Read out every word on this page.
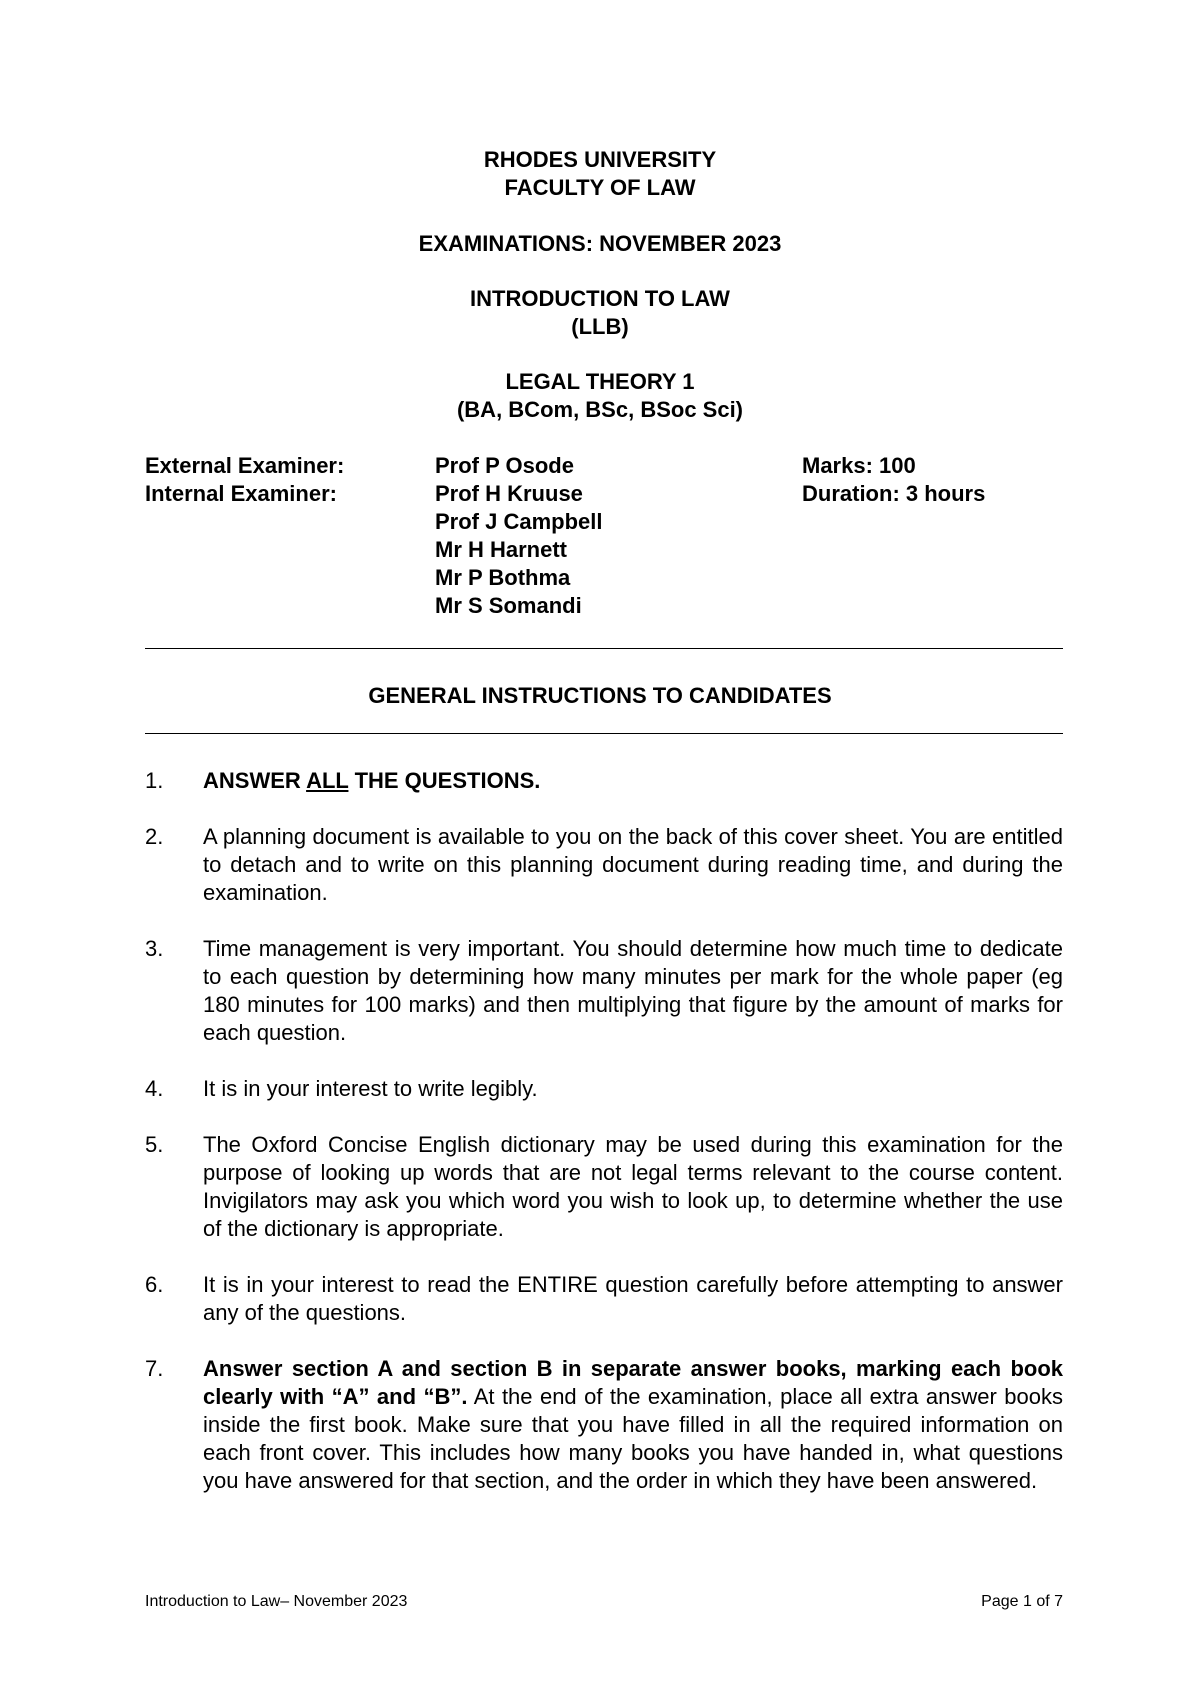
RHODES UNIVERSITY
FACULTY OF LAW
EXAMINATIONS: NOVEMBER 2023
INTRODUCTION TO LAW
(LLB)
LEGAL THEORY 1
(BA, BCom, BSc, BSoc Sci)
External Examiner:	Prof P Osode	Marks: 100
Internal Examiner:	Prof H Kruuse	Duration: 3 hours
Prof J Campbell
Mr H Harnett
Mr P Bothma
Mr S Somandi
GENERAL INSTRUCTIONS TO CANDIDATES
1. ANSWER ALL THE QUESTIONS.
2. A planning document is available to you on the back of this cover sheet. You are entitled to detach and to write on this planning document during reading time, and during the examination.
3. Time management is very important. You should determine how much time to dedicate to each question by determining how many minutes per mark for the whole paper (eg 180 minutes for 100 marks) and then multiplying that figure by the amount of marks for each question.
4. It is in your interest to write legibly.
5. The Oxford Concise English dictionary may be used during this examination for the purpose of looking up words that are not legal terms relevant to the course content. Invigilators may ask you which word you wish to look up, to determine whether the use of the dictionary is appropriate.
6. It is in your interest to read the ENTIRE question carefully before attempting to answer any of the questions.
7. Answer section A and section B in separate answer books, marking each book clearly with “A” and “B”. At the end of the examination, place all extra answer books inside the first book. Make sure that you have filled in all the required information on each front cover. This includes how many books you have handed in, what questions you have answered for that section, and the order in which they have been answered.
Introduction to Law– November 2023	Page 1 of 7
